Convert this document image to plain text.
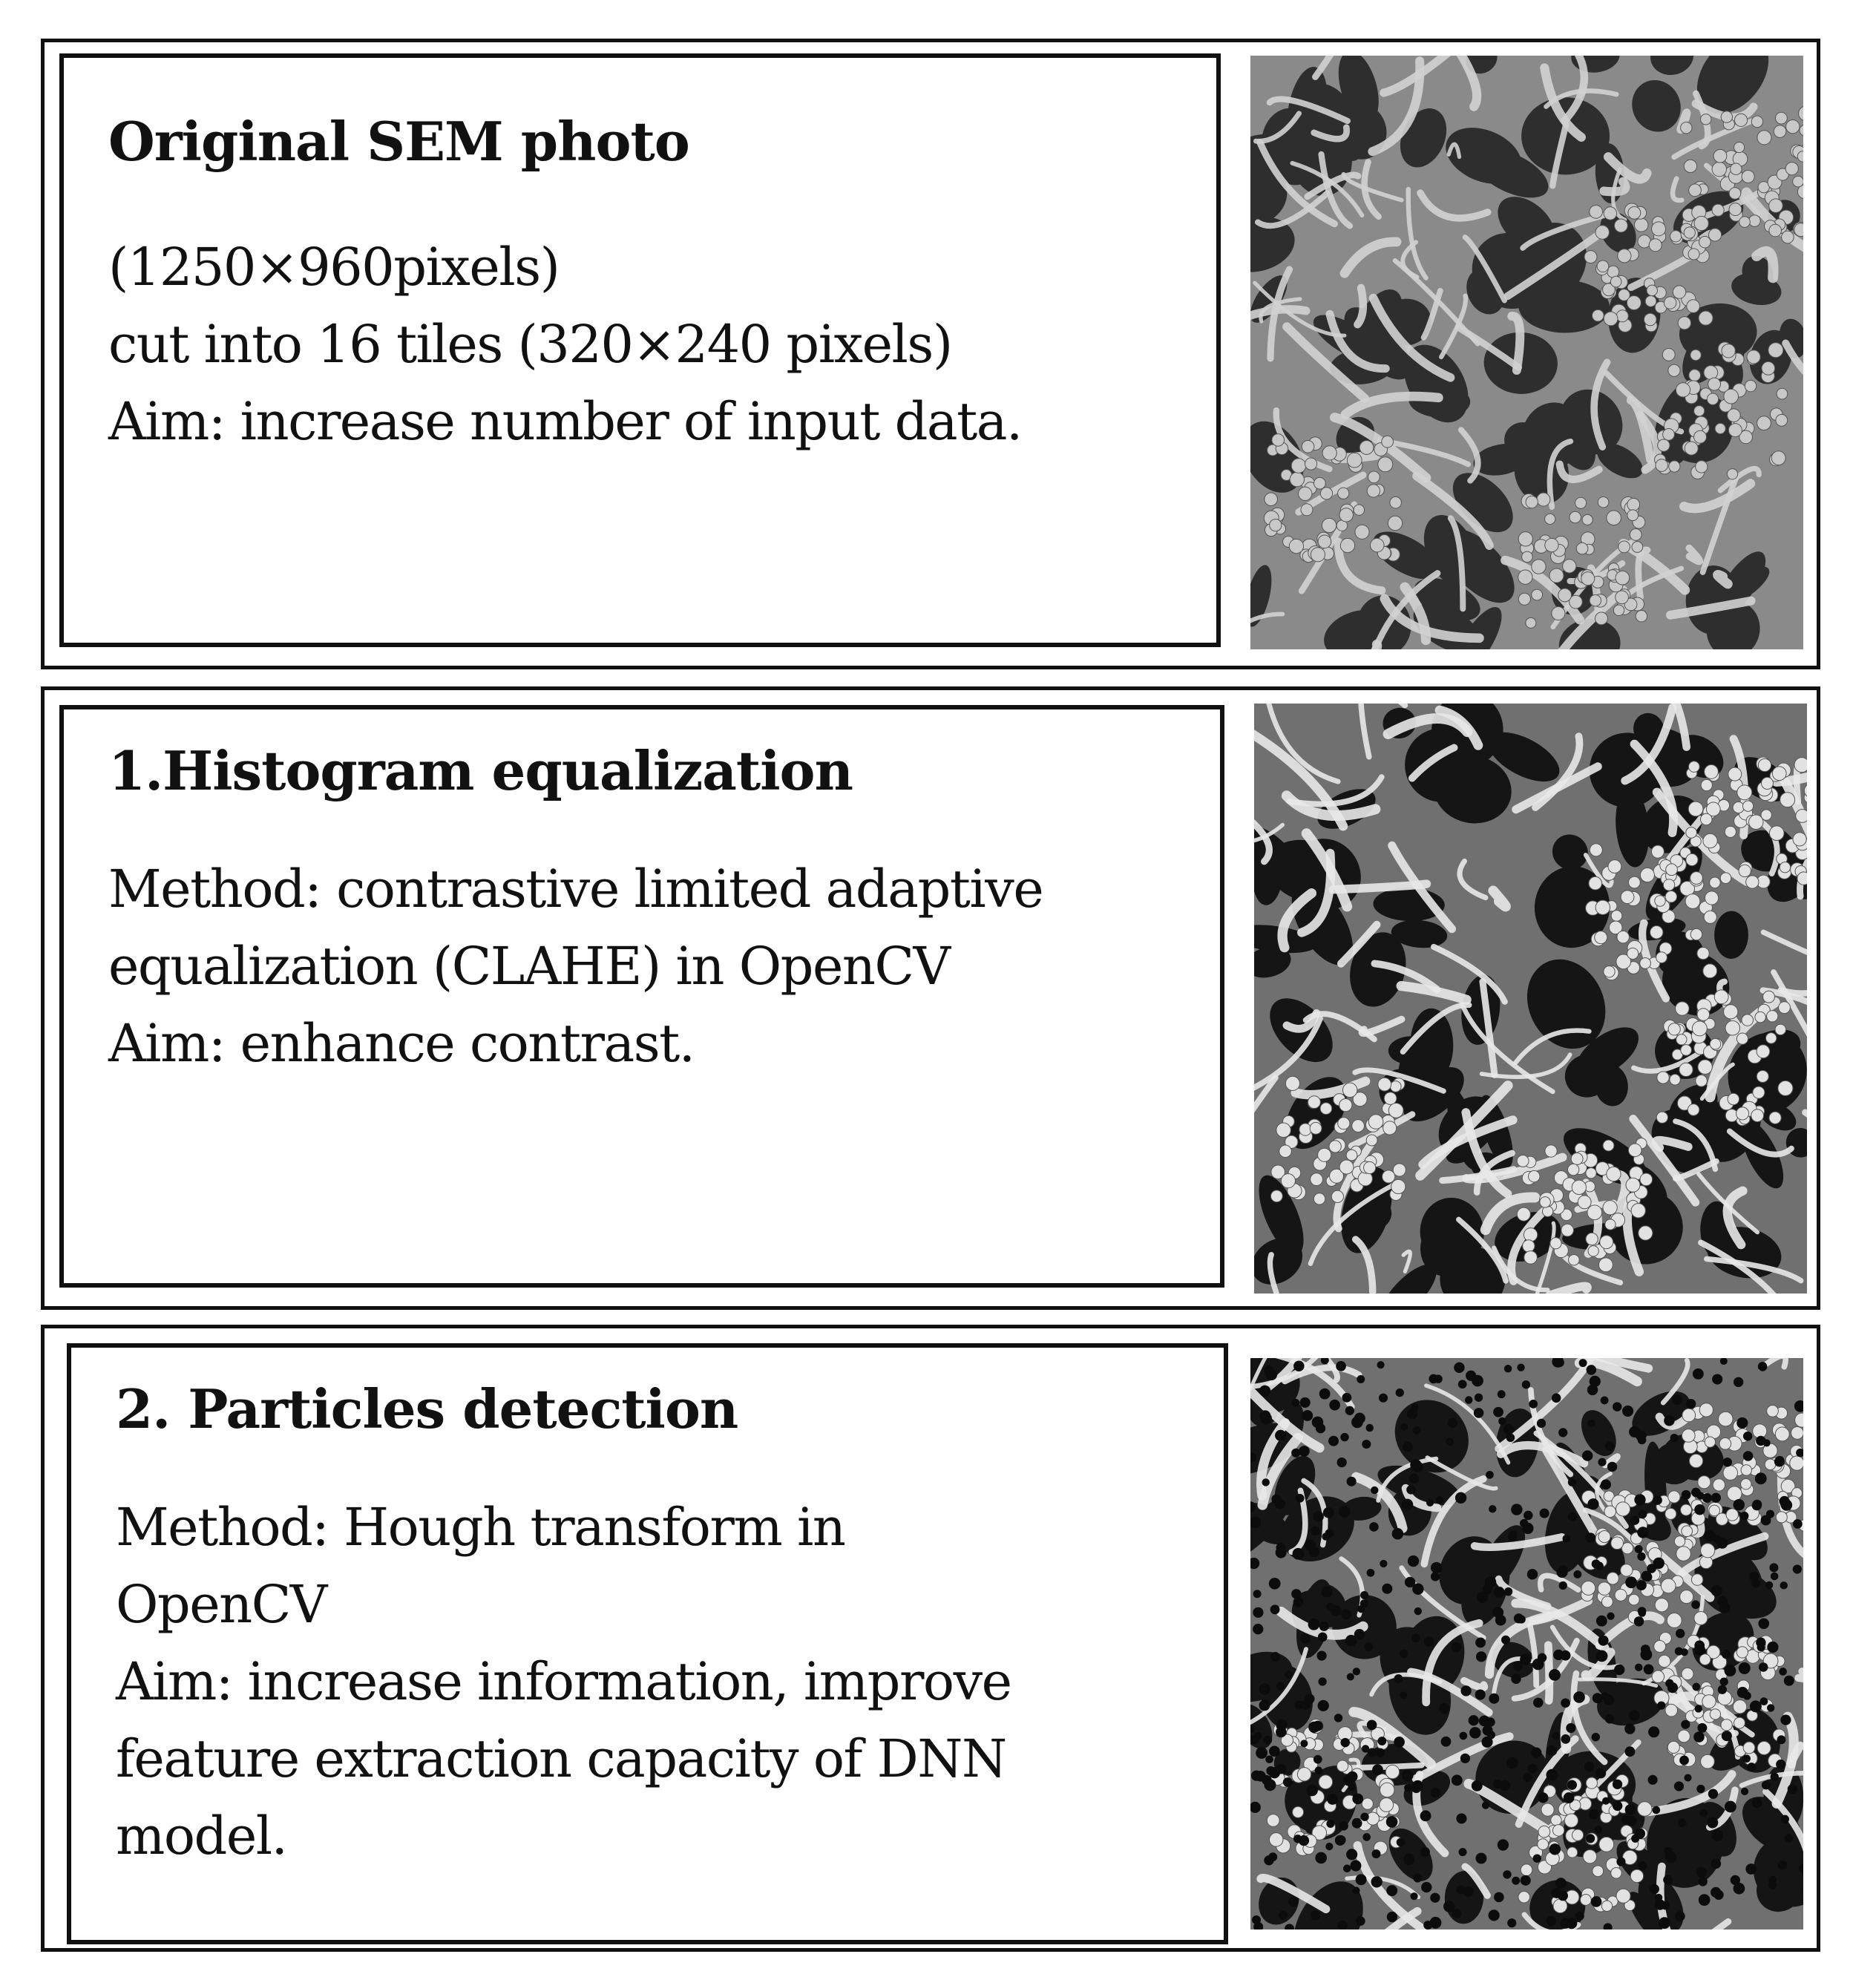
Original SEM photo
(1250×960pixels)
cut into 16 tiles (320×240 pixels)
Aim: increase number of input data.
1.Histogram equalization
Method: contrastive limited adaptive
equalization (CLAHE) in OpenCV
Aim: enhance contrast.
2. Particles detection
Method: Hough transform in
OpenCV
Aim: increase information, improve
feature extraction capacity of DNN
model.
